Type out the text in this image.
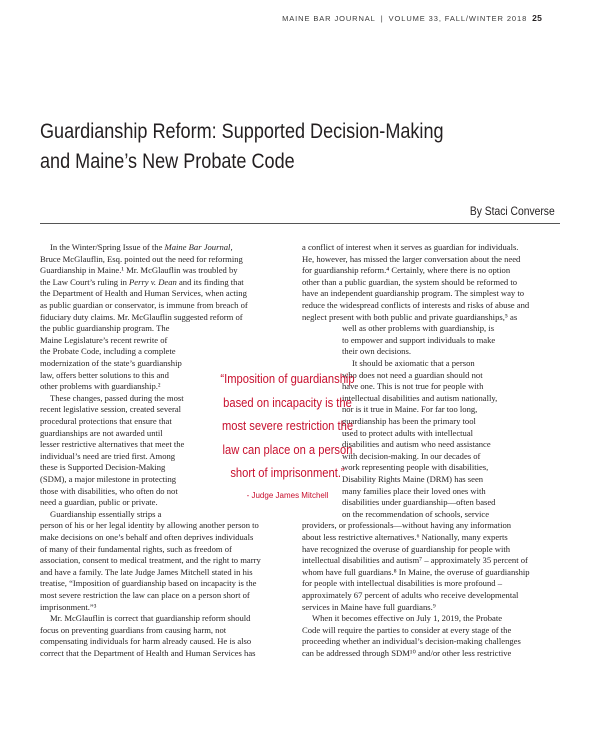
MAINE BAR JOURNAL | VOLUME 33, FALL/WINTER 2018 25
Guardianship Reform: Supported Decision-Making
and Maine’s New Probate Code
By Staci Converse
In the Winter/Spring Issue of the Maine Bar Journal,
Bruce McGlauflin, Esq. pointed out the need for reforming
Guardianship in Maine.¹ Mr. McGlauflin was troubled by
the Law Court’s ruling in Perry v. Dean and its finding that
the Department of Health and Human Services, when acting
as public guardian or conservator, is immune from breach of
fiduciary duty claims. Mr. McGlauflin suggested reform of
the public guardianship program. The
Maine Legislature’s recent rewrite of
the Probate Code, including a complete
modernization of the state’s guardianship
law, offers better solutions to this and
other problems with guardianship.²
These changes, passed during the most
recent legislative session, created several
procedural protections that ensure that
guardianships are not awarded until
lesser restrictive alternatives that meet the
individual’s need are tried first. Among
these is Supported Decision-Making
(SDM), a major milestone in protecting
those with disabilities, who often do not
need a guardian, public or private.
Guardianship essentially strips a
person of his or her legal identity by allowing another person to
make decisions on one’s behalf and often deprives individuals
of many of their fundamental rights, such as freedom of
association, consent to medical treatment, and the right to marry
and have a family. The late Judge James Mitchell stated in his
treatise, “Imposition of guardianship based on incapacity is the
most severe restriction the law can place on a person short of
imprisonment.”³
Mr. McGlauflin is correct that guardianship reform should
focus on preventing guardians from causing harm, not
compensating individuals for harm already caused. He is also
correct that the Department of Health and Human Services has
a conflict of interest when it serves as guardian for individuals.
He, however, has missed the larger conversation about the need
for guardianship reform.⁴ Certainly, where there is no option
other than a public guardian, the system should be reformed to
have an independent guardianship program. The simplest way to
reduce the widespread conflicts of interests and risks of abuse and
neglect present with both public and private guardianships,⁵ as
well as other problems with guardianship, is
to empower and support individuals to make
their own decisions.
It should be axiomatic that a person
who does not need a guardian should not
have one. This is not true for people with
intellectual disabilities and autism nationally,
nor is it true in Maine. For far too long,
guardianship has been the primary tool
used to protect adults with intellectual
disabilities and autism who need assistance
with decision-making. In our decades of
work representing people with disabilities,
Disability Rights Maine (DRM) has seen
many families place their loved ones with
disabilities under guardianship—often based
on the recommendation of schools, service
providers, or professionals—without having any information
about less restrictive alternatives.⁶ Nationally, many experts
have recognized the overuse of guardianship for people with
intellectual disabilities and autism⁷ – approximately 35 percent of
whom have full guardians.⁸ In Maine, the overuse of guardianship
for people with intellectual disabilities is more profound –
approximately 67 percent of adults who receive developmental
services in Maine have full guardians.⁹
When it becomes effective on July 1, 2019, the Probate
Code will require the parties to consider at every stage of the
proceeding whether an individual’s decision-making challenges
can be addressed through SDM¹⁰ and/or other less restrictive
“Imposition of guardianship
based on incapacity is the
most severe restriction the
law can place on a person
short of imprisonment.”
- Judge James Mitchell
